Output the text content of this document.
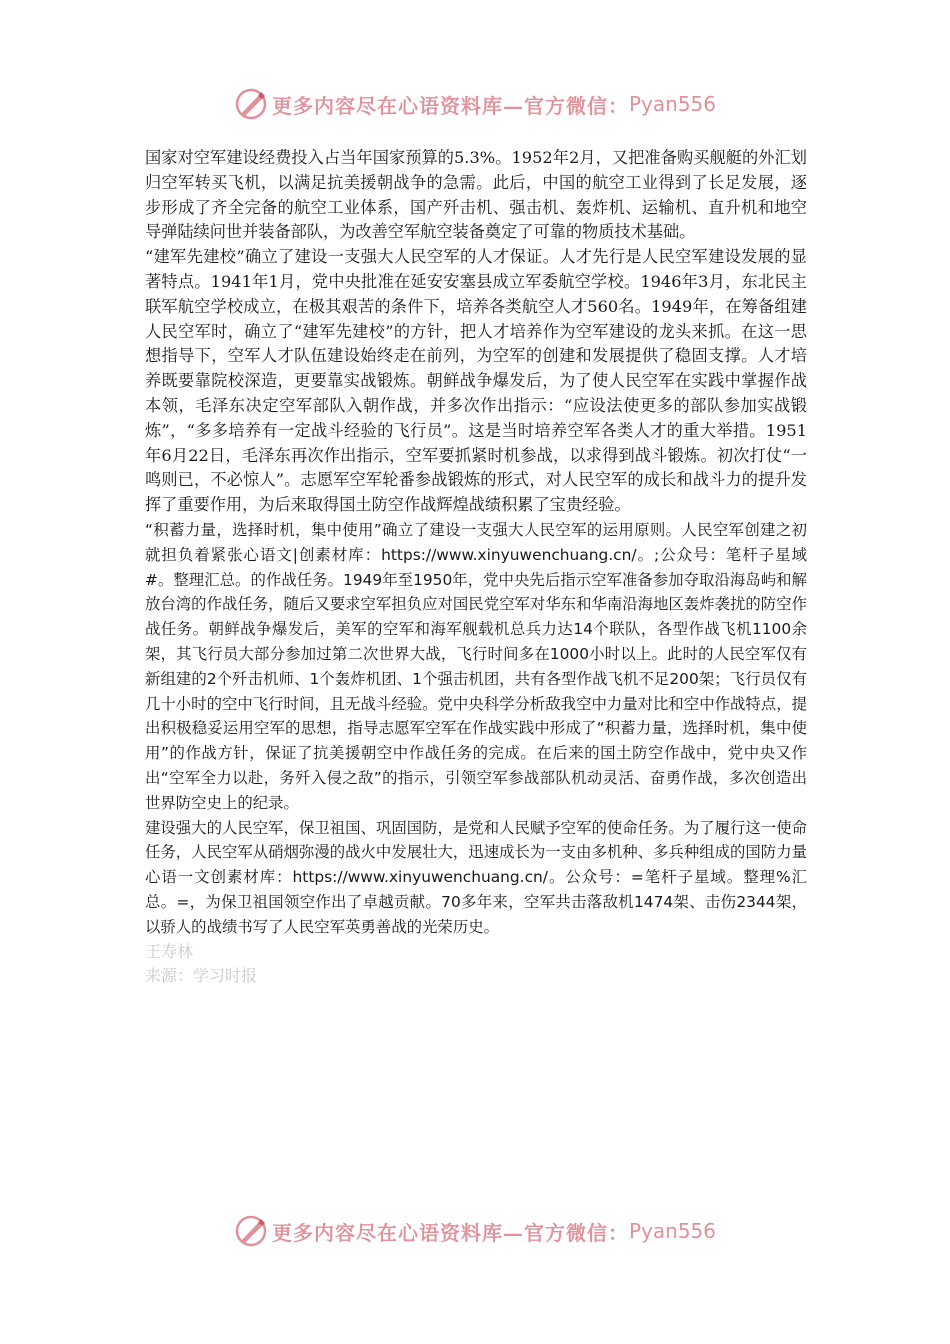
更多内容尽在心语资料库—官方微信： Pyan556

国家对空军建设经费投入占当年国家预算的5.3%。1952年2月，又把准备购买舰艇的外汇划归空军转买飞机，以满足抗美援朝战争的急需。此后，中国的航空工业得到了长足发展，逐步形成了齐全完备的航空工业体系，国产歼击机、强击机、轰炸机、运输机、直升机和地空导弹陆续问世并装备部队，为改善空军航空装备奠定了可靠的物质技术基础。

“建军先建校”确立了建设一支强大人民空军的人才保证。人才先行是人民空军建设发展的显著特点。1941年1月，党中央批准在延安安塞县成立军委航空学校。1946年3月，东北民主联军航空学校成立，在极其艰苦的条件下，培养各类航空人才560名。1949年，在筹备组建人民空军时，确立了“建军先建校”的方针，把人才培养作为空军建设的龙头来抓。在这一思想指导下，空军人才队伍建设始终走在前列，为空军的创建和发展提供了稳固支撑。人才培养既要靠院校深造，更要靠实战锻炼。朝鲜战争爆发后，为了使人民空军在实践中掌握作战本领，毛泽东决定空军部队入朝作战，并多次作出指示：“应设法使更多的部队参加实战锻炼”，“多多培养有一定战斗经验的飞行员”。这是当时培养空军各类人才的重大举措。1951年6月22日，毛泽东再次作出指示，空军要抓紧时机参战，以求得到战斗锻炼。初次打仗“一鸣则已，不必惊人”。志愿军空军轮番参战锻炼的形式，对人民空军的成长和战斗力的提升发挥了重要作用，为后来取得国土防空作战辉煌战绩积累了宝贵经验。

“积蓄力量，选择时机，集中使用”确立了建设一支强大人民空军的运用原则。人民空军创建之初就担负着紧张心语文|创素材库：https://www.xinyuwenchuang.cn/。;公众号：笔杆子星域#。整理汇总。的作战任务。1949年至1950年，党中央先后指示空军准备参加夺取沿海岛屿和解放台湾的作战任务，随后又要求空军担负应对国民党空军对华东和华南沿海地区轰炸袭扰的防空作战任务。朝鲜战争爆发后，美军的空军和海军舰载机总兵力达14个联队，各型作战飞机1100余架，其飞行员大部分参加过第二次世界大战，飞行时间多在1000小时以上。此时的人民空军仅有新组建的2个歼击机师、1个轰炸机团、1个强击机团，共有各型作战飞机不足200架；飞行员仅有几十小时的空中飞行时间，且无战斗经验。党中央科学分析敌我空中力量对比和空中作战特点，提出积极稳妥运用空军的思想，指导志愿军空军在作战实践中形成了“积蓄力量，选择时机，集中使用”的作战方针，保证了抗美援朝空中作战任务的完成。在后来的国土防空作战中，党中央又作出“空军全力以赴，务歼入侵之敌”的指示，引领空军参战部队机动灵活、奋勇作战，多次创造出世界防空史上的纪录。

建设强大的人民空军，保卫祖国、巩固国防，是党和人民赋予空军的使命任务。为了履行这一使命任务，人民空军从硝烟弥漫的战火中发展壮大，迅速成长为一支由多机种、多兵种组成的国防力量心语一文创素材库：https://www.xinyuwenchuang.cn/。公众号：=笔杆子星域。整理%汇总。=，为保卫祖国领空作出了卓越贡献。70多年来，空军共击落敌机1474架、击伤2344架，以骄人的战绩书写了人民空军英勇善战的光荣历史。

王寿林

来源：学习时报

更多内容尽在心语资料库—官方微信： Pyan556
